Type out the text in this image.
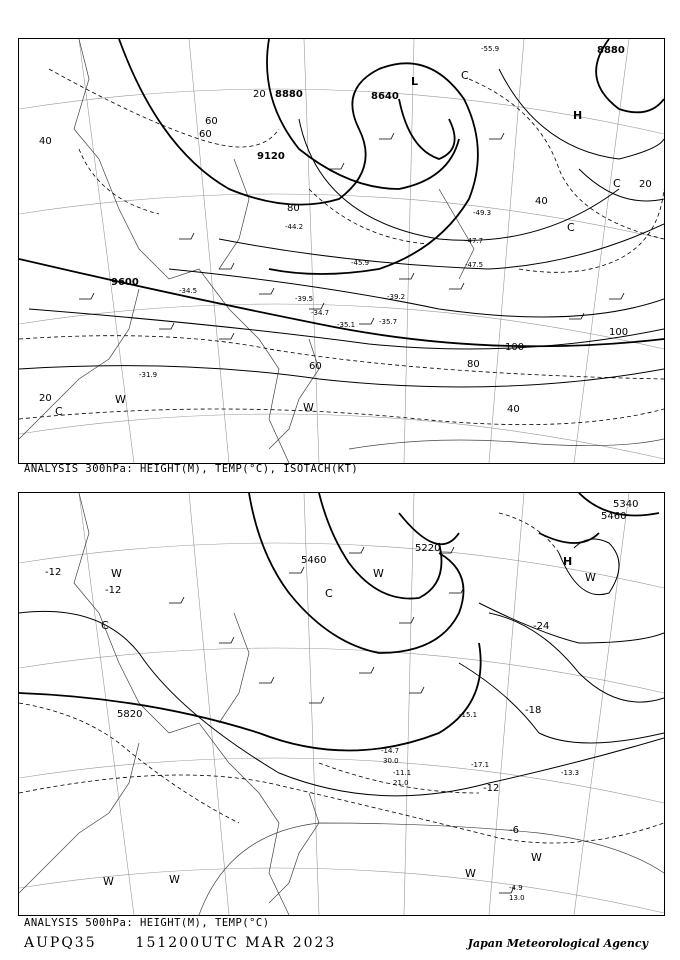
9600
9120
8880	8640
8880
20
40
60	80
100
60
80
100
40
20
20
40
60
-35.7
-35.1
-34.7
-39.2
-47.5
-47.7
-44.2
-45.9
-49.3
-31.9
-34.5
-39.5
-55.9
L
H
C
C
C
W
W
C
ANALYSIS 300hPa: HEIGHT(M), TEMP(°C), ISOTACH(KT)
5820
5460
5220
5340
5460
-12
-12
-18
-24
-12
-6
-14.7
-11.1
-17.1
-13.3
-4.9
13.0
-15.1
21.0
30.0
H
C
C
W	W
W	W	W
W
W
ANALYSIS 500hPa: HEIGHT(M), TEMP(°C)
AUPQ35	151200UTC MAR 2023	Japan Meteorological Agency
